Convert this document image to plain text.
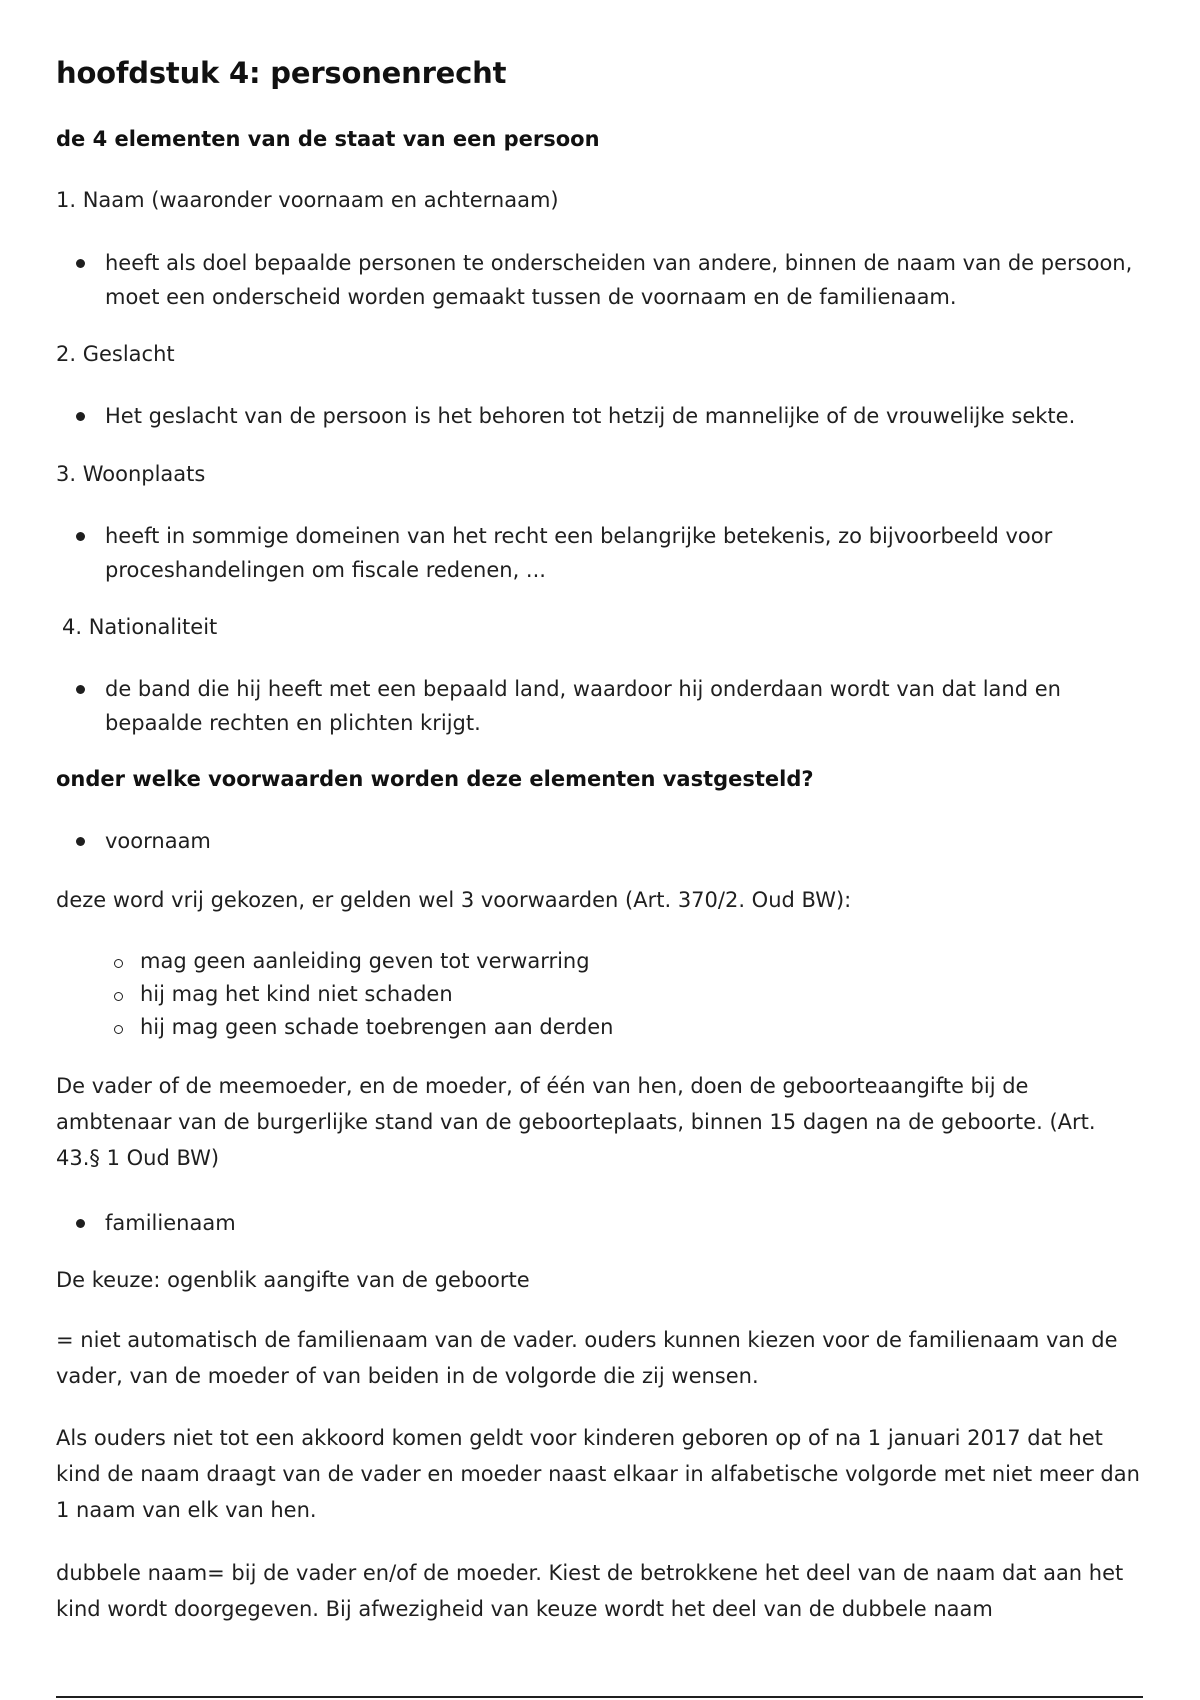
hoofdstuk 4: personenrecht
de 4 elementen van de staat van een persoon
1. Naam (waaronder voornaam en achternaam)
heeft als doel bepaalde personen te onderscheiden van andere, binnen de naam van de persoon, moet een onderscheid worden gemaakt tussen de voornaam en de familienaam.
2. Geslacht
Het geslacht van de persoon is het behoren tot hetzij de mannelijke of de vrouwelijke sekte.
3. Woonplaats
heeft in sommige domeinen van het recht een belangrijke betekenis, zo bijvoorbeeld voor proceshandelingen om fiscale redenen, ...
4. Nationaliteit
de band die hij heeft met een bepaald land, waardoor hij onderdaan wordt van dat land en bepaalde rechten en plichten krijgt.
onder welke voorwaarden worden deze elementen vastgesteld?
voornaam
deze word vrij gekozen, er gelden wel 3 voorwaarden (Art. 370/2. Oud BW):
mag geen aanleiding geven tot verwarring
hij mag het kind niet schaden
hij mag geen schade toebrengen aan derden
De vader of de meemoeder, en de moeder, of één van hen, doen de geboorteaangifte bij de ambtenaar van de burgerlijke stand van de geboorteplaats, binnen 15 dagen na de geboorte. (Art. 43.§ 1 Oud BW)
familienaam
De keuze: ogenblik aangifte van de geboorte
= niet automatisch de familienaam van de vader. ouders kunnen kiezen voor de familienaam van de vader, van de moeder of van beiden in de volgorde die zij wensen.
Als ouders niet tot een akkoord komen geldt voor kinderen geboren op of na 1 januari 2017 dat het kind de naam draagt van de vader en moeder naast elkaar in alfabetische volgorde met niet meer dan 1 naam van elk van hen.
dubbele naam= bij de vader en/of de moeder. Kiest de betrokkene het deel van de naam dat aan het kind wordt doorgegeven. Bij afwezigheid van keuze wordt het deel van de dubbele naam
